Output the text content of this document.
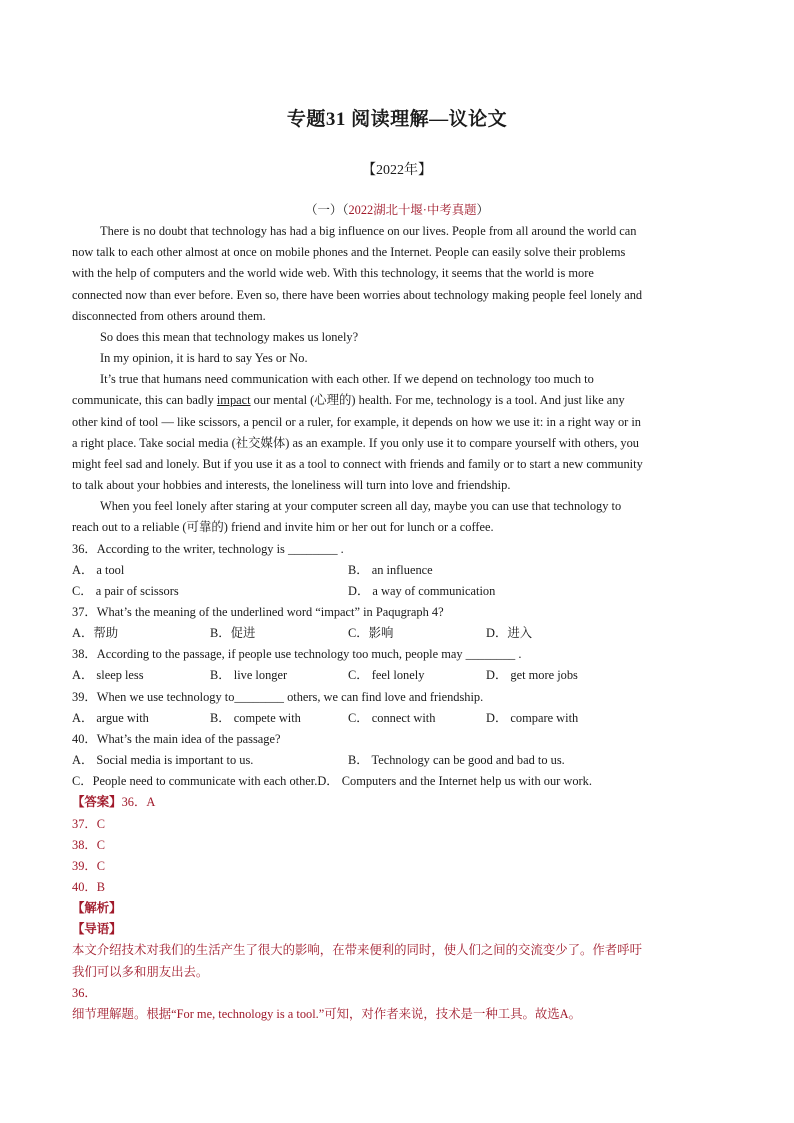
专题31 阅读理解—议论文
【2022年】
（一）（2022湖北十堰·中考真题）
There is no doubt that technology has had a big influence on our lives. People from all around the world can
now talk to each other almost at once on mobile phones and the Internet. People can easily solve their problems
with the help of computers and the world wide web. With this technology, it seems that the world is more
connected now than ever before. Even so, there have been worries about technology making people feel lonely and
disconnected from others around them.
So does this mean that technology makes us lonely?
In my opinion, it is hard to say Yes or No.
It’s true that humans need communication with each other. If we depend on technology too much to
communicate, this can badly impact our mental (心理的) health. For me, technology is a tool. And just like any
other kind of tool — like scissors, a pencil or a ruler, for example, it depends on how we use it: in a right way or in
a right place. Take social media (社交媒体) as an example. If you only use it to compare yourself with others, you
might feel sad and lonely. But if you use it as a tool to connect with friends and family or to start a new community
to talk about your hobbies and interests, the loneliness will turn into love and friendship.
When you feel lonely after staring at your computer screen all day, maybe you can use that technology to
reach out to a reliable (可靠的) friend and invite him or her out for lunch or a coffee.
36．According to the writer, technology is ________ .
A． a tool	B． an influence
C． a pair of scissors	D． a way of communication
37．What’s the meaning of the underlined word “impact” in Paqugraph 4?
A．帮助	B．促进	C．影响	D．进入
38．According to the passage, if people use technology too much, people may ________ .
A． sleep less	B． live longer	C． feel lonely	D． get more jobs
39．When we use technology to________ others, we can find love and friendship.
A． argue with	B． compete with	C． connect with	D． compare with
40．What’s the main idea of the passage?
A． Social media is important to us.	B． Technology can be good and bad to us.
C．People need to communicate with each other.D． Computers and the Internet help us with our work.
【答案】36．A
37．C
38．C
39．C
40．B
【解析】
【导语】
本文介绍技术对我们的生活产生了很大的影响，在带来便利的同时，使人们之间的交流变少了。作者呼吁
我们可以多和朋友出去。
36．
细节理解题。根据“For me, technology is a tool.”可知，对作者来说，技术是一种工具。故选A。
